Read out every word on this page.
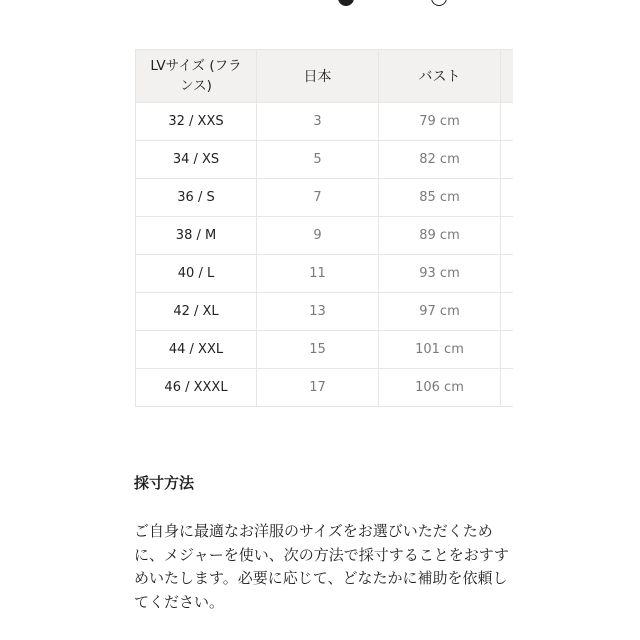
LVサイズ (フランス)	日本	バスト	
32 / XXS	3	79 cm	
34 / XS	5	82 cm	
36 / S	7	85 cm	
38 / M	9	89 cm	
40 / L	11	93 cm	
42 / XL	13	97 cm	
44 / XXL	15	101 cm	
46 / XXXL	17	106 cm	
採寸方法

ご自身に最適なお洋服のサイズをお選びいただくために、メジャーを使い、次の方法で採寸することをおすすめいたします。必要に応じて、どなたかに補助を依頼してください。
